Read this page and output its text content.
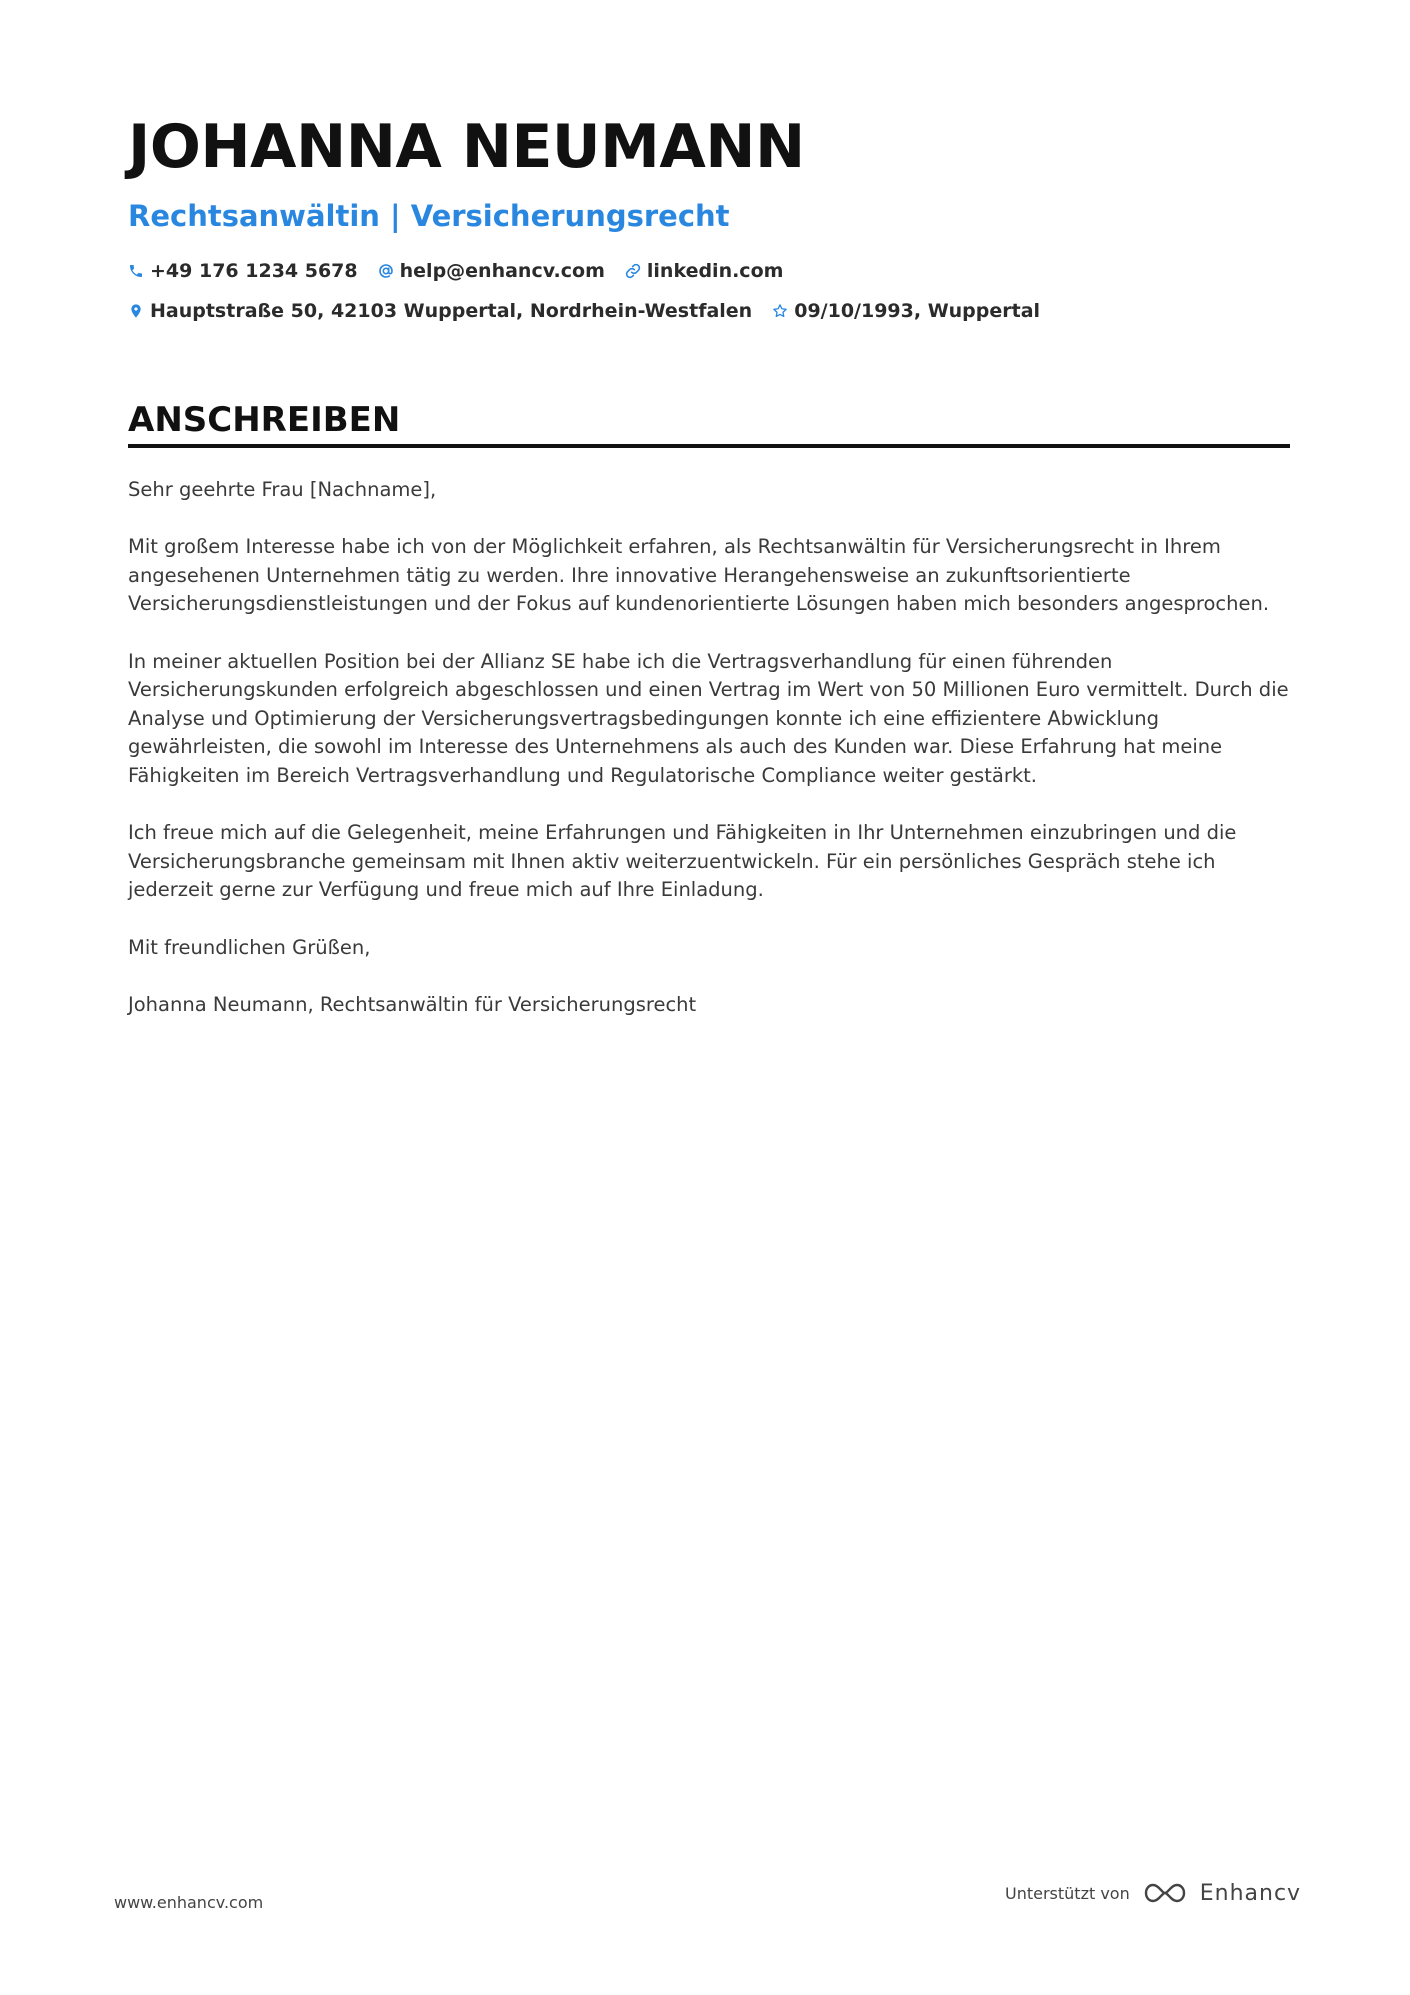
JOHANNA NEUMANN
Rechtsanwältin | Versicherungsrecht
+49 176 1234 5678 help@enhancv.com linkedin.com
Hauptstraße 50, 42103 Wuppertal, Nordrhein-Westfalen 09/10/1993, Wuppertal
ANSCHREIBEN

Sehr geehrte Frau [Nachname],

Mit großem Interesse habe ich von der Möglichkeit erfahren, als Rechtsanwältin für Versicherungsrecht in Ihrem angesehenen Unternehmen tätig zu werden. Ihre innovative Herangehensweise an zukunftsorientierte Versicherungsdienstleistungen und der Fokus auf kundenorientierte Lösungen haben mich besonders angesprochen.

In meiner aktuellen Position bei der Allianz SE habe ich die Vertragsverhandlung für einen führenden Versicherungskunden erfolgreich abgeschlossen und einen Vertrag im Wert von 50 Millionen Euro vermittelt. Durch die Analyse und Optimierung der Versicherungsvertragsbedingungen konnte ich eine effizientere Abwicklung gewährleisten, die sowohl im Interesse des Unternehmens als auch des Kunden war. Diese Erfahrung hat meine Fähigkeiten im Bereich Vertragsverhandlung und Regulatorische Compliance weiter gestärkt.

Ich freue mich auf die Gelegenheit, meine Erfahrungen und Fähigkeiten in Ihr Unternehmen einzubringen und die Versicherungsbranche gemeinsam mit Ihnen aktiv weiterzuentwickeln. Für ein persönliches Gespräch stehe ich jederzeit gerne zur Verfügung und freue mich auf Ihre Einladung.

Mit freundlichen Grüßen,

Johanna Neumann, Rechtsanwältin für Versicherungsrecht

www.enhancv.com	Unterstützt von	Enhancv
